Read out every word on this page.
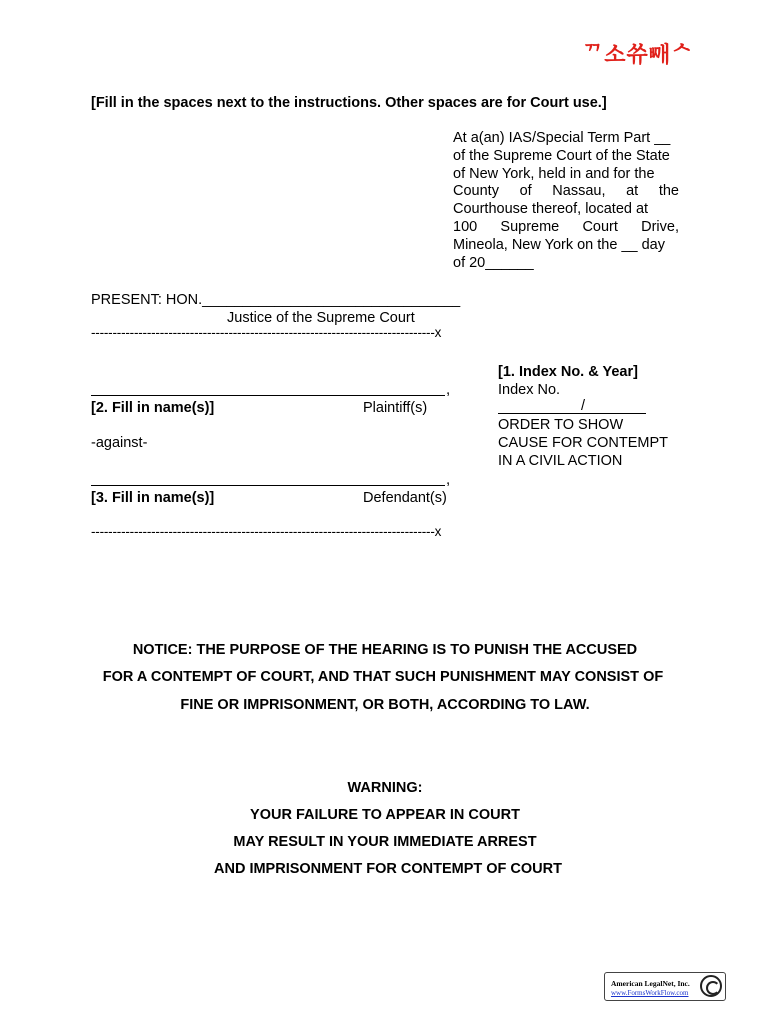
ᄁ소쓔ᄢᅢᄉ
[Fill in the spaces next to the instructions. Other spaces are for Court use.]
At a(an) IAS/Special Term Part __
of the Supreme Court of the State
of New York, held in and for the
County of Nassau, at the
Courthouse thereof, located at
100 Supreme Court Drive,
Mineola, New York on the __ day
of 20______
PRESENT: HON.________________________________
Justice of the Supreme Court
--------------------------------------------------------------------------------x
[1. Index No. & Year]
Index No.
/
ORDER TO SHOW
CAUSE FOR CONTEMPT
IN A CIVIL ACTION
,
[2. Fill in name(s)]	Plaintiff(s)
-against-
,
[3. Fill in name(s)]	Defendant(s)
--------------------------------------------------------------------------------x
NOTICE: THE PURPOSE OF THE HEARING IS TO PUNISH THE ACCUSED
FOR A CONTEMPT OF COURT, AND THAT SUCH PUNISHMENT MAY CONSIST OF
FINE OR IMPRISONMENT, OR BOTH, ACCORDING TO LAW.
WARNING:
YOUR FAILURE TO APPEAR IN COURT
MAY RESULT IN YOUR IMMEDIATE ARREST
AND IMPRISONMENT FOR CONTEMPT OF COURT
American LegalNet, Inc.
www.FormsWorkFlow.com
